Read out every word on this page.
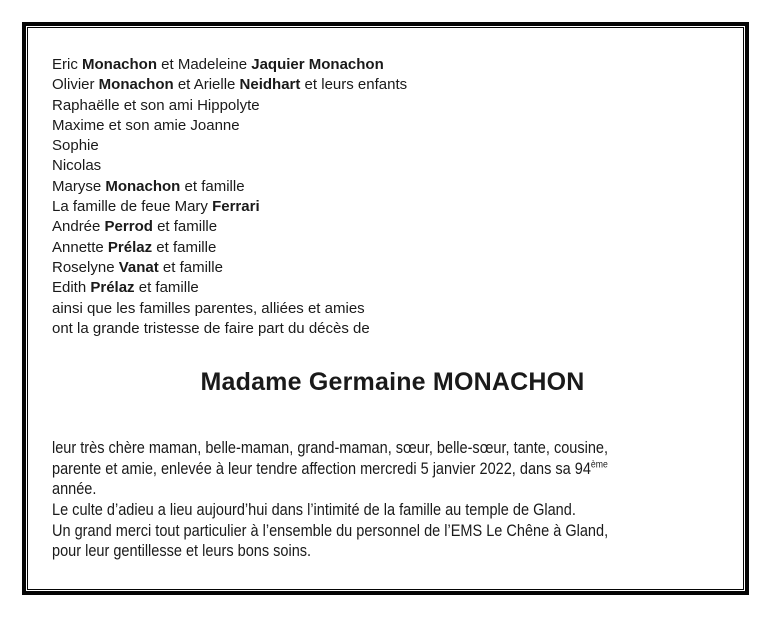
Eric Monachon et Madeleine Jaquier Monachon
Olivier Monachon et Arielle Neidhart et leurs enfants
Raphaëlle et son ami Hippolyte
Maxime et son amie Joanne
Sophie
Nicolas
Maryse Monachon et famille
La famille de feue Mary Ferrari
Andrée Perrod et famille
Annette Prélaz et famille
Roselyne Vanat et famille
Edith Prélaz et famille
ainsi que les familles parentes, alliées et amies
ont la grande tristesse de faire part du décès de
Madame Germaine MONACHON
leur très chère maman, belle-maman, grand-maman, sœur, belle-sœur, tante, cousine,
parente et amie, enlevée à leur tendre affection mercredi 5 janvier 2022, dans sa 94ème
année.
Le culte d’adieu a lieu aujourd’hui dans l’intimité de la famille au temple de Gland.
Un grand merci tout particulier à l’ensemble du personnel de l’EMS Le Chêne à Gland,
pour leur gentillesse et leurs bons soins.
